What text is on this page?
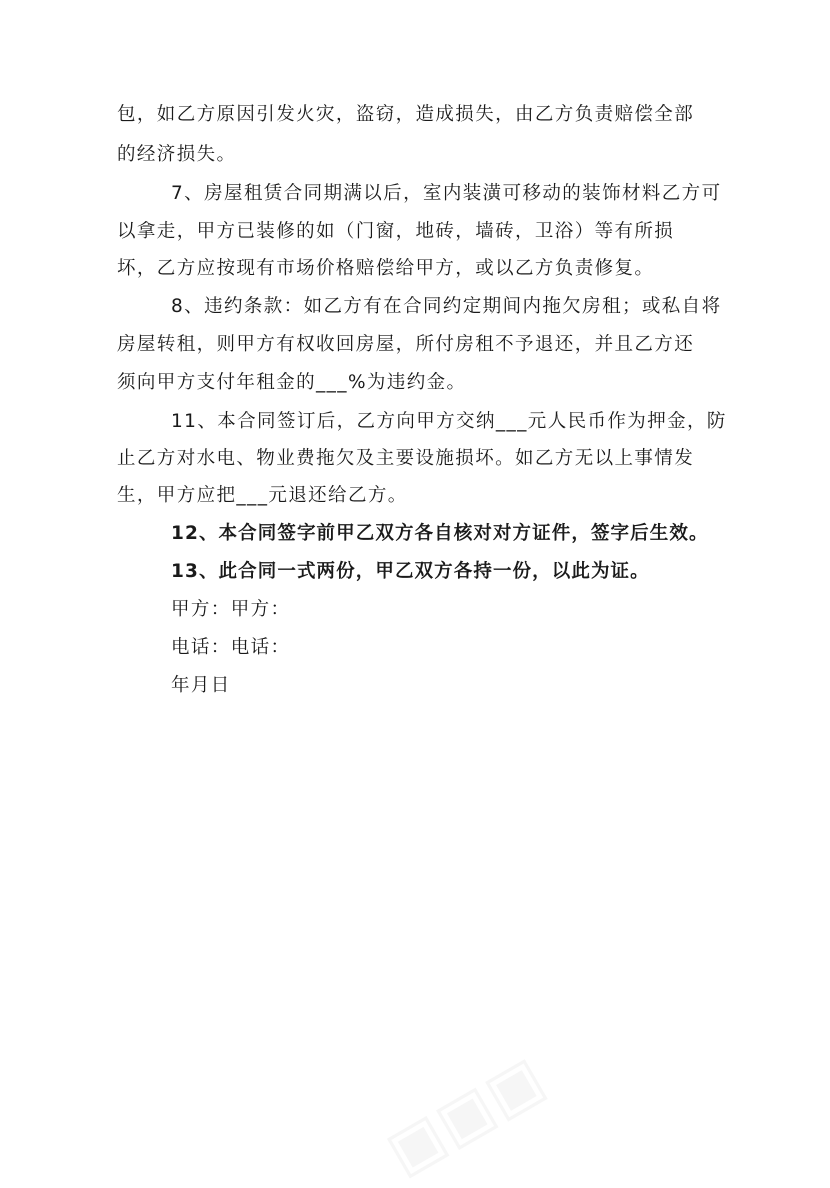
包，如乙方原因引发火灾，盗窃，造成损失，由乙方负责赔偿全部
的经济损失。
7、房屋租赁合同期满以后，室内装潢可移动的装饰材料乙方可
以拿走，甲方已装修的如（门窗，地砖，墙砖，卫浴）等有所损
坏，乙方应按现有市场价格赔偿给甲方，或以乙方负责修复。
8、违约条款：如乙方有在合同约定期间内拖欠房租；或私自将
房屋转租，则甲方有权收回房屋，所付房租不予退还，并且乙方还
须向甲方支付年租金的___%为违约金。
11、本合同签订后，乙方向甲方交纳___元人民币作为押金，防
止乙方对水电、物业费拖欠及主要设施损坏。如乙方无以上事情发
生，甲方应把___元退还给乙方。
12、本合同签字前甲乙双方各自核对对方证件，签字后生效。
13、此合同一式两份，甲乙双方各持一份，以此为证。
甲方：甲方：
电话：电话：
年月日
